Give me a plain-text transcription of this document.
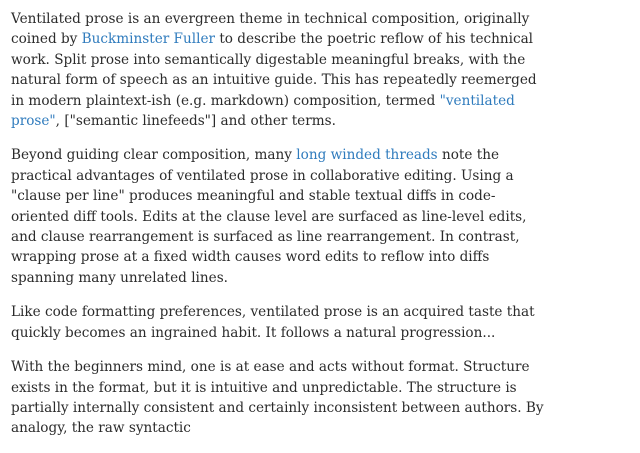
Ventilated prose is an evergreen theme in technical composition, originally coined by Buckminster Fuller to describe the poetric reflow of his technical work. Split prose into semantically digestable meaningful breaks, with the natural form of speech as an intuitive guide. This has repeatedly reemerged in modern plaintext-ish (e.g. markdown) composition, termed "ventilated prose", ["semantic linefeeds"] and other terms.

Beyond guiding clear composition, many long winded threads note the practical advantages of ventilated prose in collaborative editing. Using a "clause per line" produces meaningful and stable textual diffs in code-oriented diff tools. Edits at the clause level are surfaced as line-level edits, and clause rearrangement is surfaced as line rearrangement. In contrast, wrapping prose at a fixed width causes word edits to reflow into diffs spanning many unrelated lines.

Like code formatting preferences, ventilated prose is an acquired taste that quickly becomes an ingrained habit. It follows a natural progression...

With the beginners mind, one is at ease and acts without format. Structure exists in the format, but it is intuitive and unpredictable. The structure is partially internally consistent and certainly inconsistent between authors. By analogy, the raw syntactic
